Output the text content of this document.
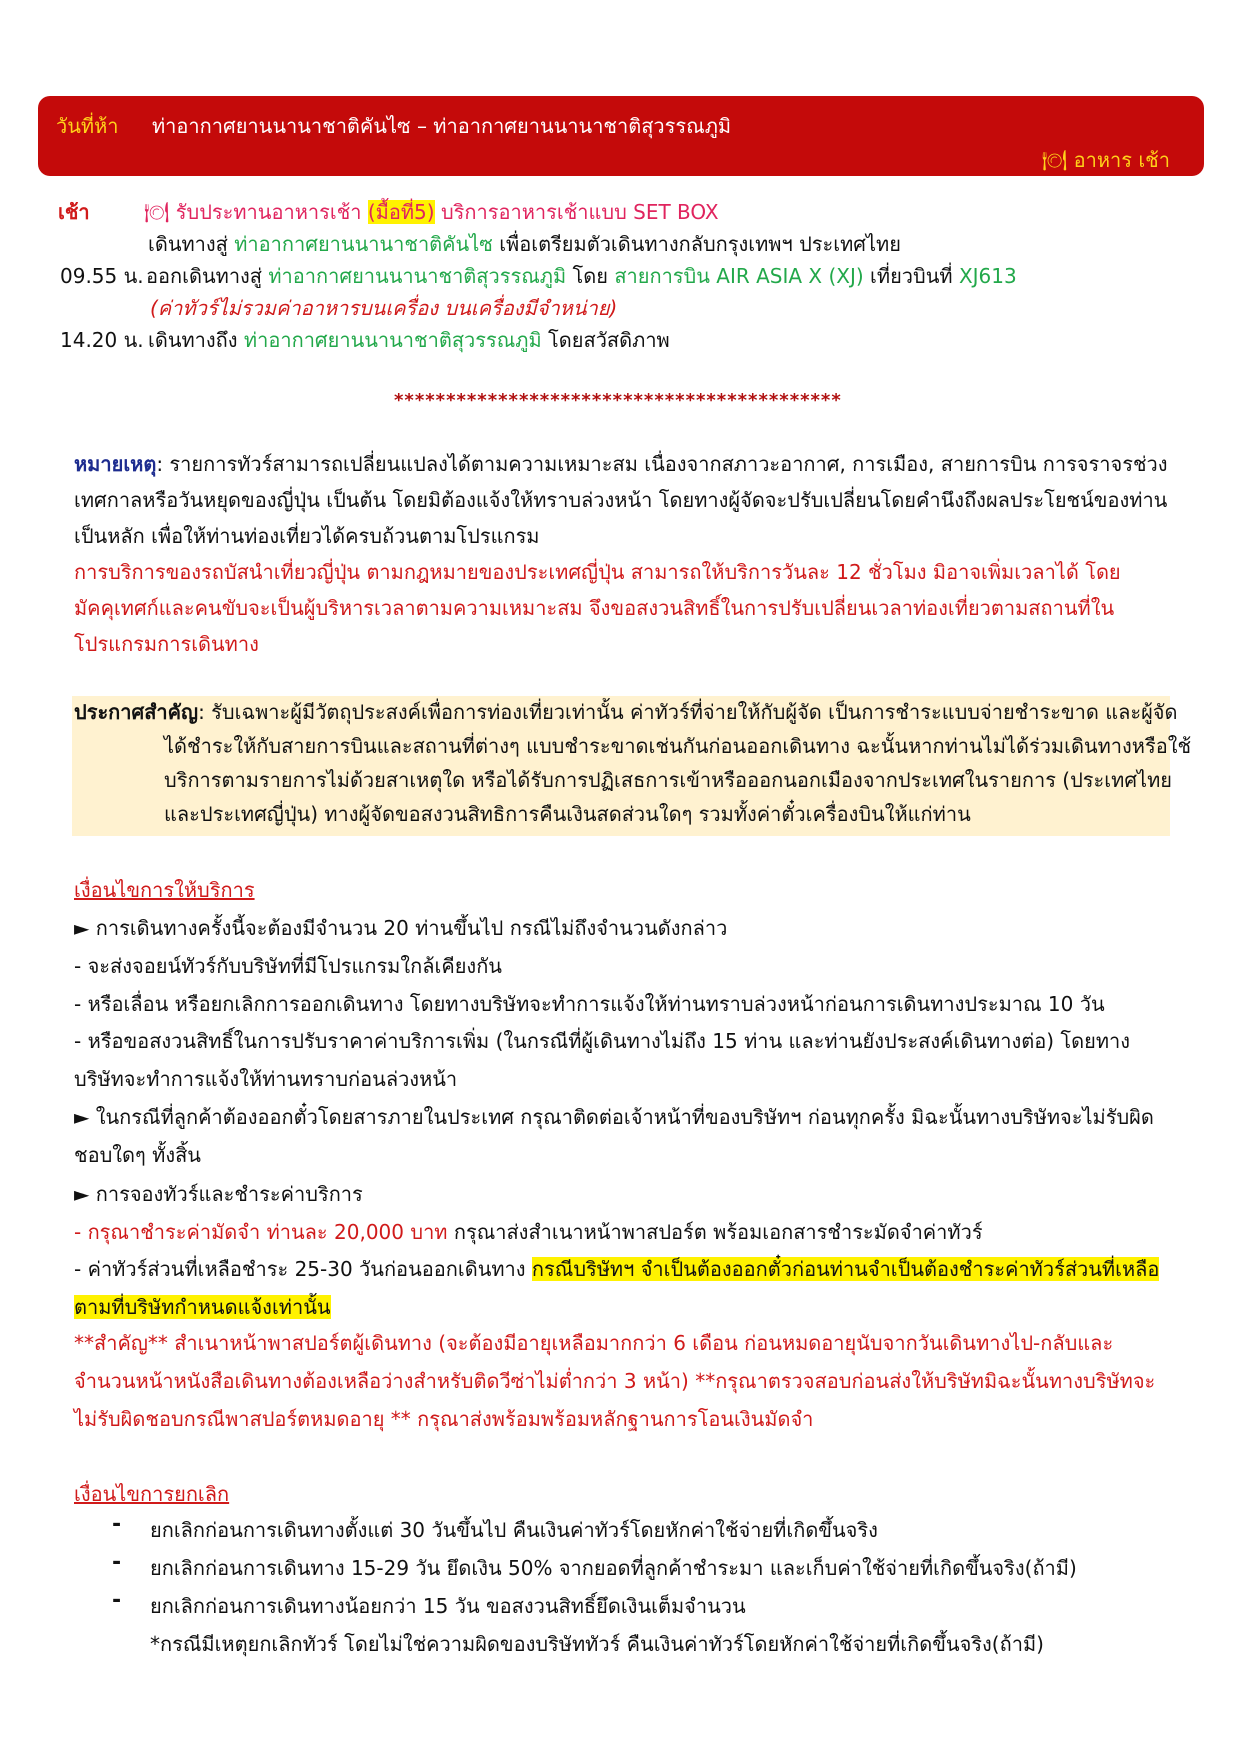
วันที่ห้า ท่าอากาศยานนานาชาติคันไซ – ท่าอากาศยานนานาชาติสุวรรณภูมิ
🍽︎ อาหาร เช้า
เช้า	🍽︎ รับประทานอาหารเช้า (มื้อที่5) บริการอาหารเช้าแบบ SET BOX
เดินทางสู่ ท่าอากาศยานนานาชาติคันไซ เพื่อเตรียมตัวเดินทางกลับกรุงเทพฯ ประเทศไทย
09.55 น. ออกเดินทางสู่ ท่าอากาศยานนานาชาติสุวรรณภูมิ โดย สายการบิน AIR ASIA X (XJ) เที่ยวบินที่ XJ613
(ค่าทัวร์ไม่รวมค่าอาหารบนเครื่อง บนเครื่องมีจำหน่าย)
14.20 น. เดินทางถึง ท่าอากาศยานนานาชาติสุวรรณภูมิ โดยสวัสดิภาพ
*******************************************
หมายเหตุ: รายการทัวร์สามารถเปลี่ยนแปลงได้ตามความเหมาะสม เนื่องจากสภาวะอากาศ, การเมือง, สายการบิน การจราจรช่วงเทศกาลหรือวันหยุดของญี่ปุ่น เป็นต้น โดยมิต้องแจ้งให้ทราบล่วงหน้า โดยทางผู้จัดจะปรับเปลี่ยนโดยคำนึงถึงผลประโยชน์ของท่านเป็นหลัก เพื่อให้ท่านท่องเที่ยวได้ครบถ้วนตามโปรแกรม
การบริการของรถบัสนำเที่ยวญี่ปุ่น ตามกฎหมายของประเทศญี่ปุ่น สามารถให้บริการวันละ 12 ชั่วโมง มิอาจเพิ่มเวลาได้ โดยมัคคุเทศก์และคนขับจะเป็นผู้บริหารเวลาตามความเหมาะสม จึงขอสงวนสิทธิ์ในการปรับเปลี่ยนเวลาท่องเที่ยวตามสถานที่ในโปรแกรมการเดินทาง
ประกาศสำคัญ: รับเฉพาะผู้มีวัตถุประสงค์เพื่อการท่องเที่ยวเท่านั้น ค่าทัวร์ที่จ่ายให้กับผู้จัด เป็นการชำระแบบจ่ายชำระขาด และผู้จัด
ได้ชำระให้กับสายการบินและสถานที่ต่างๆ แบบชำระขาดเช่นกันก่อนออกเดินทาง ฉะนั้นหากท่านไม่ได้ร่วมเดินทางหรือใช้
บริการตามรายการไม่ด้วยสาเหตุใด หรือได้รับการปฏิเสธการเข้าหรือออกนอกเมืองจากประเทศในรายการ (ประเทศไทย
และประเทศญี่ปุ่น) ทางผู้จัดขอสงวนสิทธิการคืนเงินสดส่วนใดๆ รวมทั้งค่าตั๋วเครื่องบินให้แก่ท่าน
เงื่อนไขการให้บริการ
► การเดินทางครั้งนี้จะต้องมีจำนวน 20 ท่านขึ้นไป กรณีไม่ถึงจำนวนดังกล่าว
- จะส่งจอยน์ทัวร์กับบริษัทที่มีโปรแกรมใกล้เคียงกัน
- หรือเลื่อน หรือยกเลิกการออกเดินทาง โดยทางบริษัทจะทำการแจ้งให้ท่านทราบล่วงหน้าก่อนการเดินทางประมาณ 10 วัน
- หรือขอสงวนสิทธิ์ในการปรับราคาค่าบริการเพิ่ม (ในกรณีที่ผู้เดินทางไม่ถึง 15 ท่าน และท่านยังประสงค์เดินทางต่อ) โดยทางบริษัทจะทำการแจ้งให้ท่านทราบก่อนล่วงหน้า
► ในกรณีที่ลูกค้าต้องออกตั๋วโดยสารภายในประเทศ กรุณาติดต่อเจ้าหน้าที่ของบริษัทฯ ก่อนทุกครั้ง มิฉะนั้นทางบริษัทจะไม่รับผิดชอบใดๆ ทั้งสิ้น
► การจองทัวร์และชำระค่าบริการ
- กรุณาชำระค่ามัดจำ ท่านละ 20,000 บาท กรุณาส่งสำเนาหน้าพาสปอร์ต พร้อมเอกสารชำระมัดจำค่าทัวร์
- ค่าทัวร์ส่วนที่เหลือชำระ 25-30 วันก่อนออกเดินทาง กรณีบริษัทฯ จำเป็นต้องออกตั๋วก่อนท่านจำเป็นต้องชำระค่าทัวร์ส่วนที่เหลือตามที่บริษัทกำหนดแจ้งเท่านั้น
**สำคัญ** สำเนาหน้าพาสปอร์ตผู้เดินทาง (จะต้องมีอายุเหลือมากกว่า 6 เดือน ก่อนหมดอายุนับจากวันเดินทางไป-กลับและจำนวนหน้าหนังสือเดินทางต้องเหลือว่างสำหรับติดวีซ่าไม่ต่ำกว่า 3 หน้า) **กรุณาตรวจสอบก่อนส่งให้บริษัทมิฉะนั้นทางบริษัทจะไม่รับผิดชอบกรณีพาสปอร์ตหมดอายุ ** กรุณาส่งพร้อมพร้อมหลักฐานการโอนเงินมัดจำ
เงื่อนไขการยกเลิก
- ยกเลิกก่อนการเดินทางตั้งแต่ 30 วันขึ้นไป คืนเงินค่าทัวร์โดยหักค่าใช้จ่ายที่เกิดขึ้นจริง
- ยกเลิกก่อนการเดินทาง 15-29 วัน ยึดเงิน 50% จากยอดที่ลูกค้าชำระมา และเก็บค่าใช้จ่ายที่เกิดขึ้นจริง(ถ้ามี)
- ยกเลิกก่อนการเดินทางน้อยกว่า 15 วัน ขอสงวนสิทธิ์ยึดเงินเต็มจำนวน
*กรณีมีเหตุยกเลิกทัวร์ โดยไม่ใช่ความผิดของบริษัททัวร์ คืนเงินค่าทัวร์โดยหักค่าใช้จ่ายที่เกิดขึ้นจริง(ถ้ามี)
